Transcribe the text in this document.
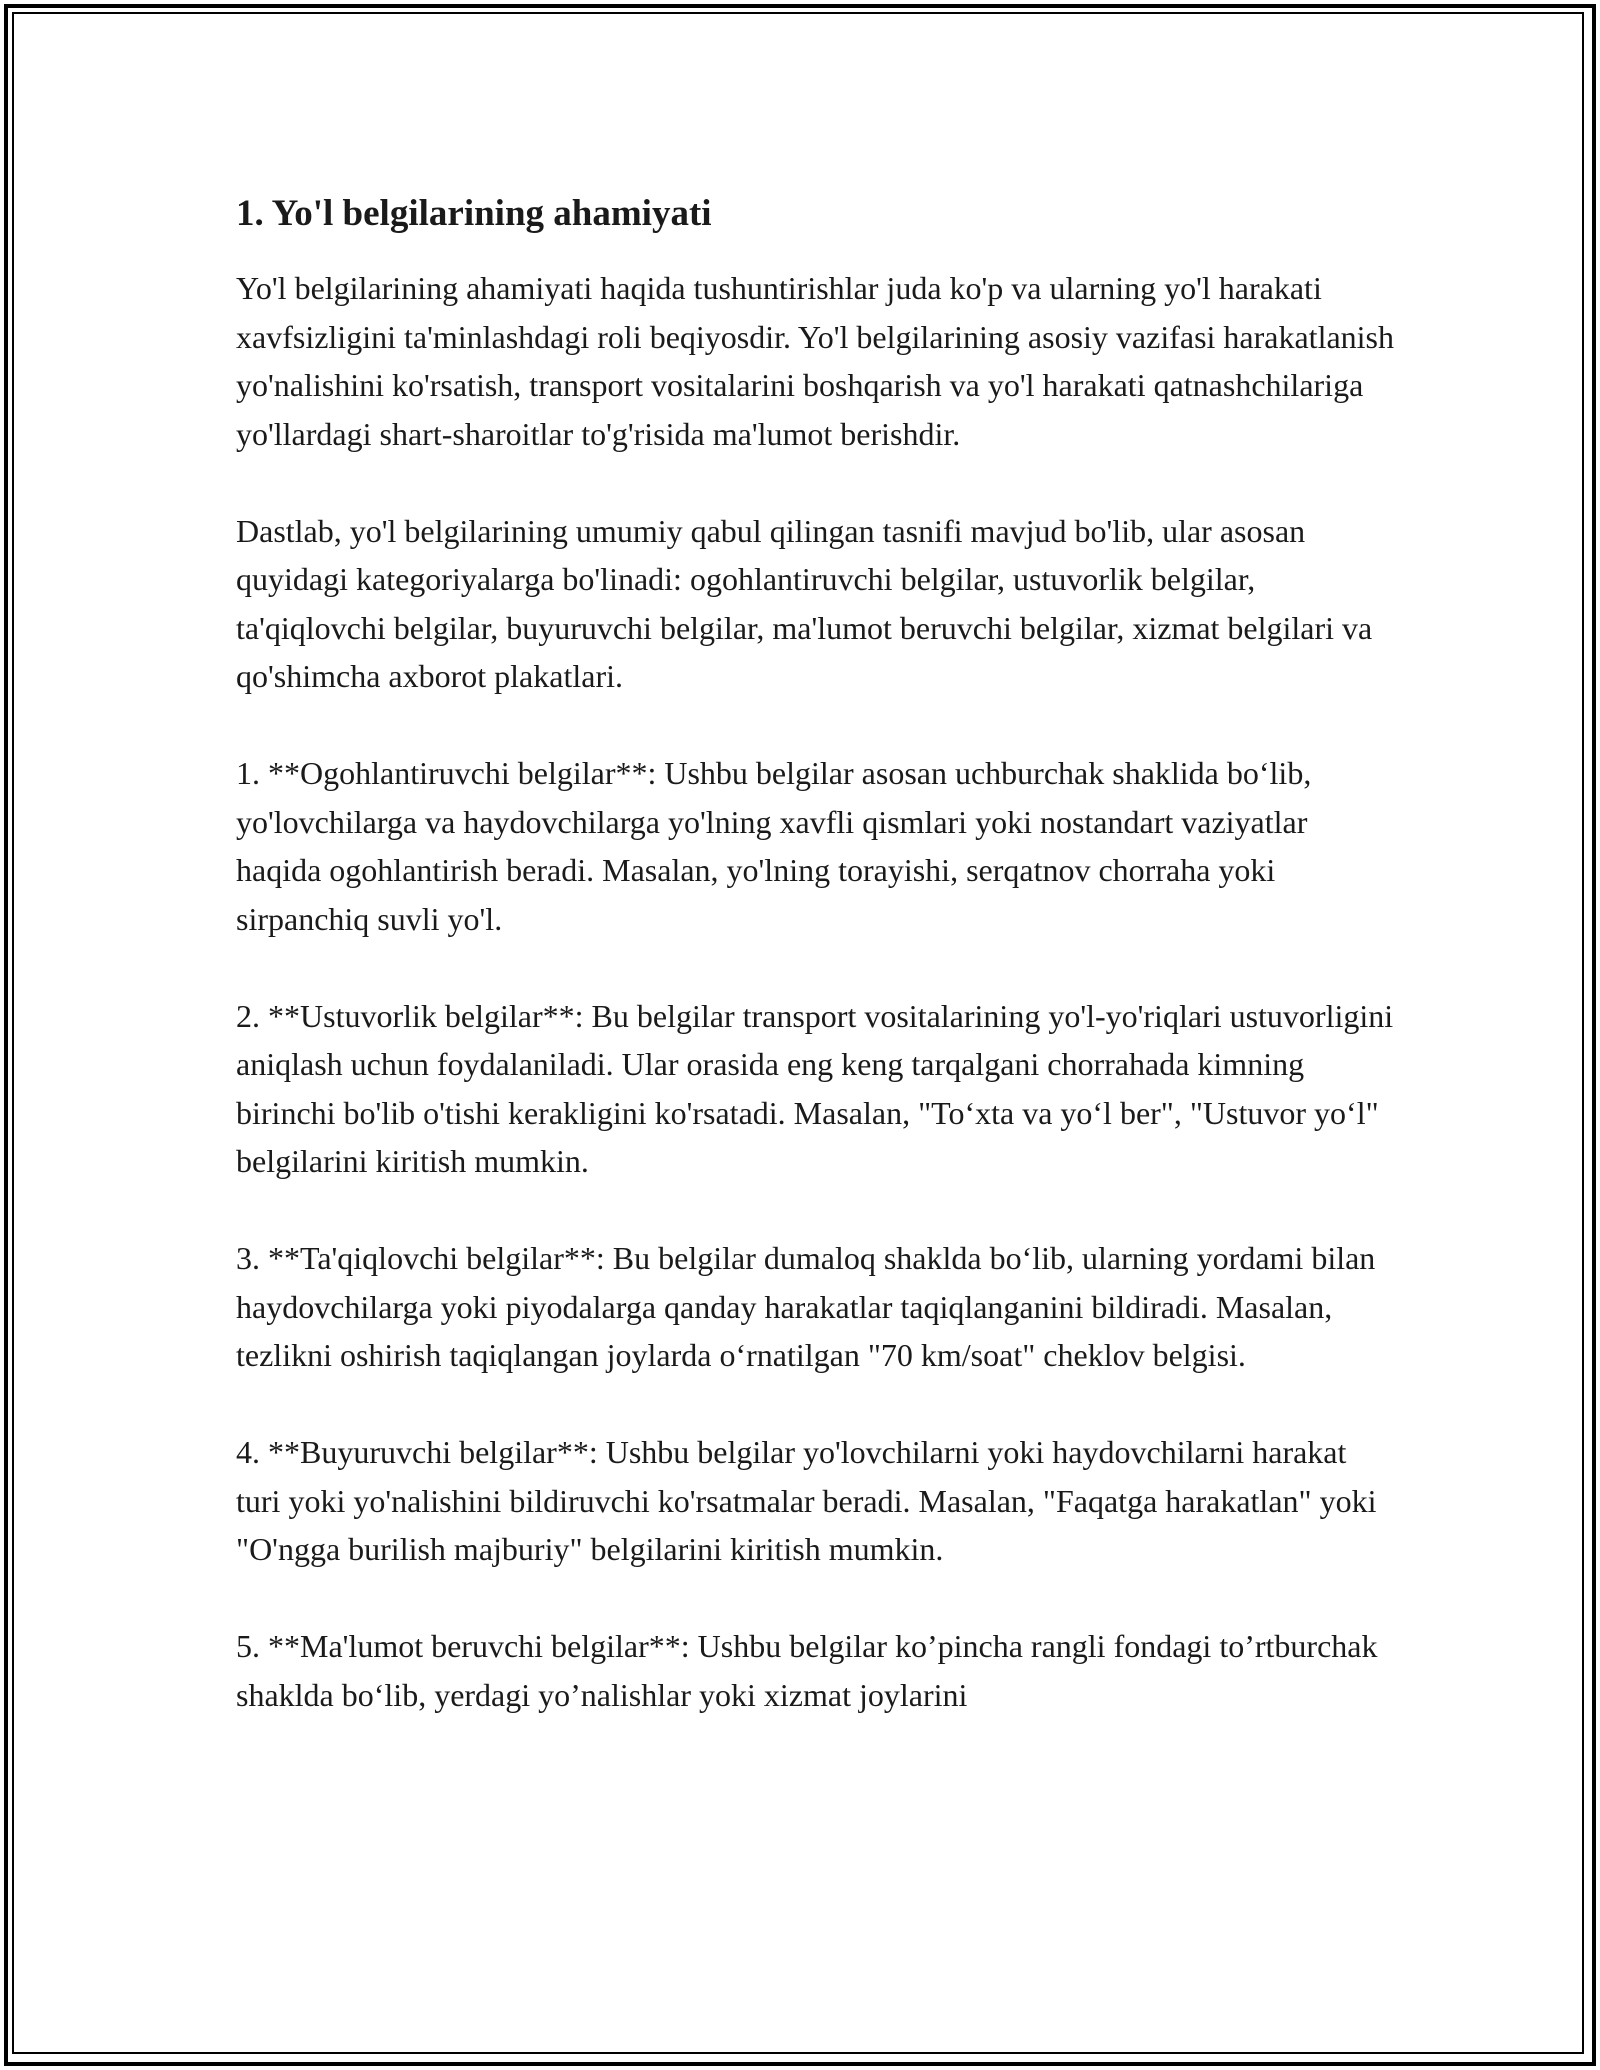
1. Yo'l belgilarining ahamiyati

Yo'l belgilarining ahamiyati haqida tushuntirishlar juda ko'p va ularning yo'l harakati xavfsizligini ta'minlashdagi roli beqiyosdir. Yo'l belgilarining asosiy vazifasi harakatlanish yo'nalishini ko'rsatish, transport vositalarini boshqarish va yo'l harakati qatnashchilariga yo'llardagi shart-sharoitlar to'g'risida ma'lumot berishdir.

Dastlab, yo'l belgilarining umumiy qabul qilingan tasnifi mavjud bo'lib, ular asosan quyidagi kategoriyalarga bo'linadi: ogohlantiruvchi belgilar, ustuvorlik belgilar, ta'qiqlovchi belgilar, buyuruvchi belgilar, ma'lumot beruvchi belgilar, xizmat belgilari va qo'shimcha axborot plakatlari.

1. **Ogohlantiruvchi belgilar**: Ushbu belgilar asosan uchburchak shaklida bo‘lib, yo'lovchilarga va haydovchilarga yo'lning xavfli qismlari yoki nostandart vaziyatlar haqida ogohlantirish beradi. Masalan, yo'lning torayishi, serqatnov chorraha yoki sirpanchiq suvli yo'l.

2. **Ustuvorlik belgilar**: Bu belgilar transport vositalarining yo'l-yo'riqlari ustuvorligini aniqlash uchun foydalaniladi. Ular orasida eng keng tarqalgani chorrahada kimning birinchi bo'lib o'tishi kerakligini ko'rsatadi. Masalan, "To‘xta va yo‘l ber", "Ustuvor yo‘l" belgilarini kiritish mumkin.

3. **Ta'qiqlovchi belgilar**: Bu belgilar dumaloq shakldа bo‘lib, ularning yordami bilan haydovchilarga yoki piyodalarga qanday harakatlar taqiqlanganini bildiradi. Masalan, tezlikni oshirish taqiqlangan joylarda o‘rnatilgan "70 km/soat" cheklov belgisi.

4. **Buyuruvchi belgilar**: Ushbu belgilar yo'lovchilarni yoki haydovchilarni harakat turi yoki yo'nalishini bildiruvchi ko'rsatmalar beradi. Masalan, "Faqatga harakatlan" yoki "O'ngga burilish majburiy" belgilarini kiritish mumkin.

5. **Ma'lumot beruvchi belgilar**: Ushbu belgilar ko’pincha rangli fondagi to’rtburchak shaklda bo‘lib, yerdagi yo’nalishlar yoki xizmat joylarini
